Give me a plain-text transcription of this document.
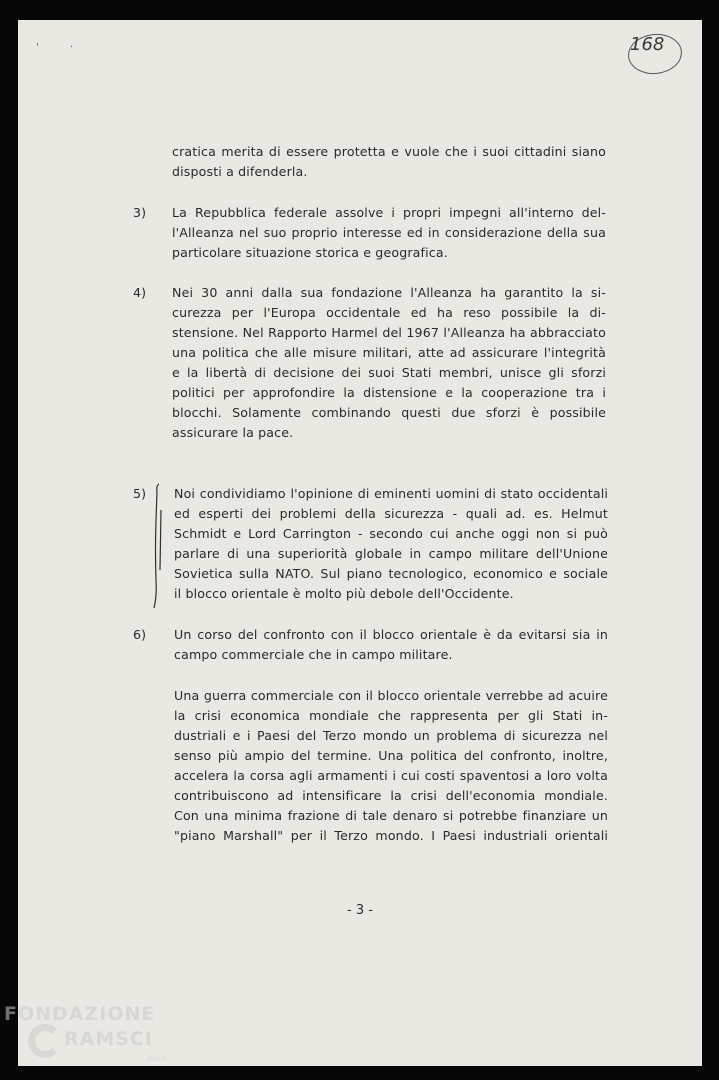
168
'	·
cratica merita di essere protetta e vuole che i suoi cittadini siano
disposti a difenderla.
3) La Repubblica federale assolve i propri impegni all'interno del-
l'Alleanza nel suo proprio interesse ed in considerazione della sua
particolare situazione storica e geografica.
4) Nei 30 anni dalla sua fondazione l'Alleanza ha garantito la si-
curezza per l'Europa occidentale ed ha reso possibile la di-
stensione. Nel Rapporto Harmel del 1967 l'Alleanza ha abbracciato
una politica che alle misure militari, atte ad assicurare l'integrità
e la libertà di decisione dei suoi Stati membri, unisce gli sforzi
politici per approfondire la distensione e la cooperazione tra i
blocchi. Solamente combinando questi due sforzi è possibile
assicurare la pace.
5) Noi condividiamo l'opinione di eminenti uomini di stato occidentali
ed esperti dei problemi della sicurezza - quali ad. es. Helmut
Schmidt e Lord Carrington - secondo cui anche oggi non si può
parlare di una superiorità globale in campo militare dell'Unione
Sovietica sulla NATO. Sul piano tecnologico, economico e sociale
il blocco orientale è molto più debole dell'Occidente.
6) Un corso del confronto con il blocco orientale è da evitarsi sia in
campo commerciale che in campo militare.
Una guerra commerciale con il blocco orientale verrebbe ad acuire
la crisi economica mondiale che rappresenta per gli Stati in-
dustriali e i Paesi del Terzo mondo un problema di sicurezza nel
senso più ampio del termine. Una politica del confronto, inoltre,
accelera la corsa agli armamenti i cui costi spaventosi a loro volta
contribuiscono ad intensificare la crisi dell'economia mondiale.
Con una minima frazione di tale denaro si potrebbe finanziare un
"piano Marshall" per il Terzo mondo. I Paesi industriali orientali
- 3 -
FONDAZIONE
RAMSCI
onlus
